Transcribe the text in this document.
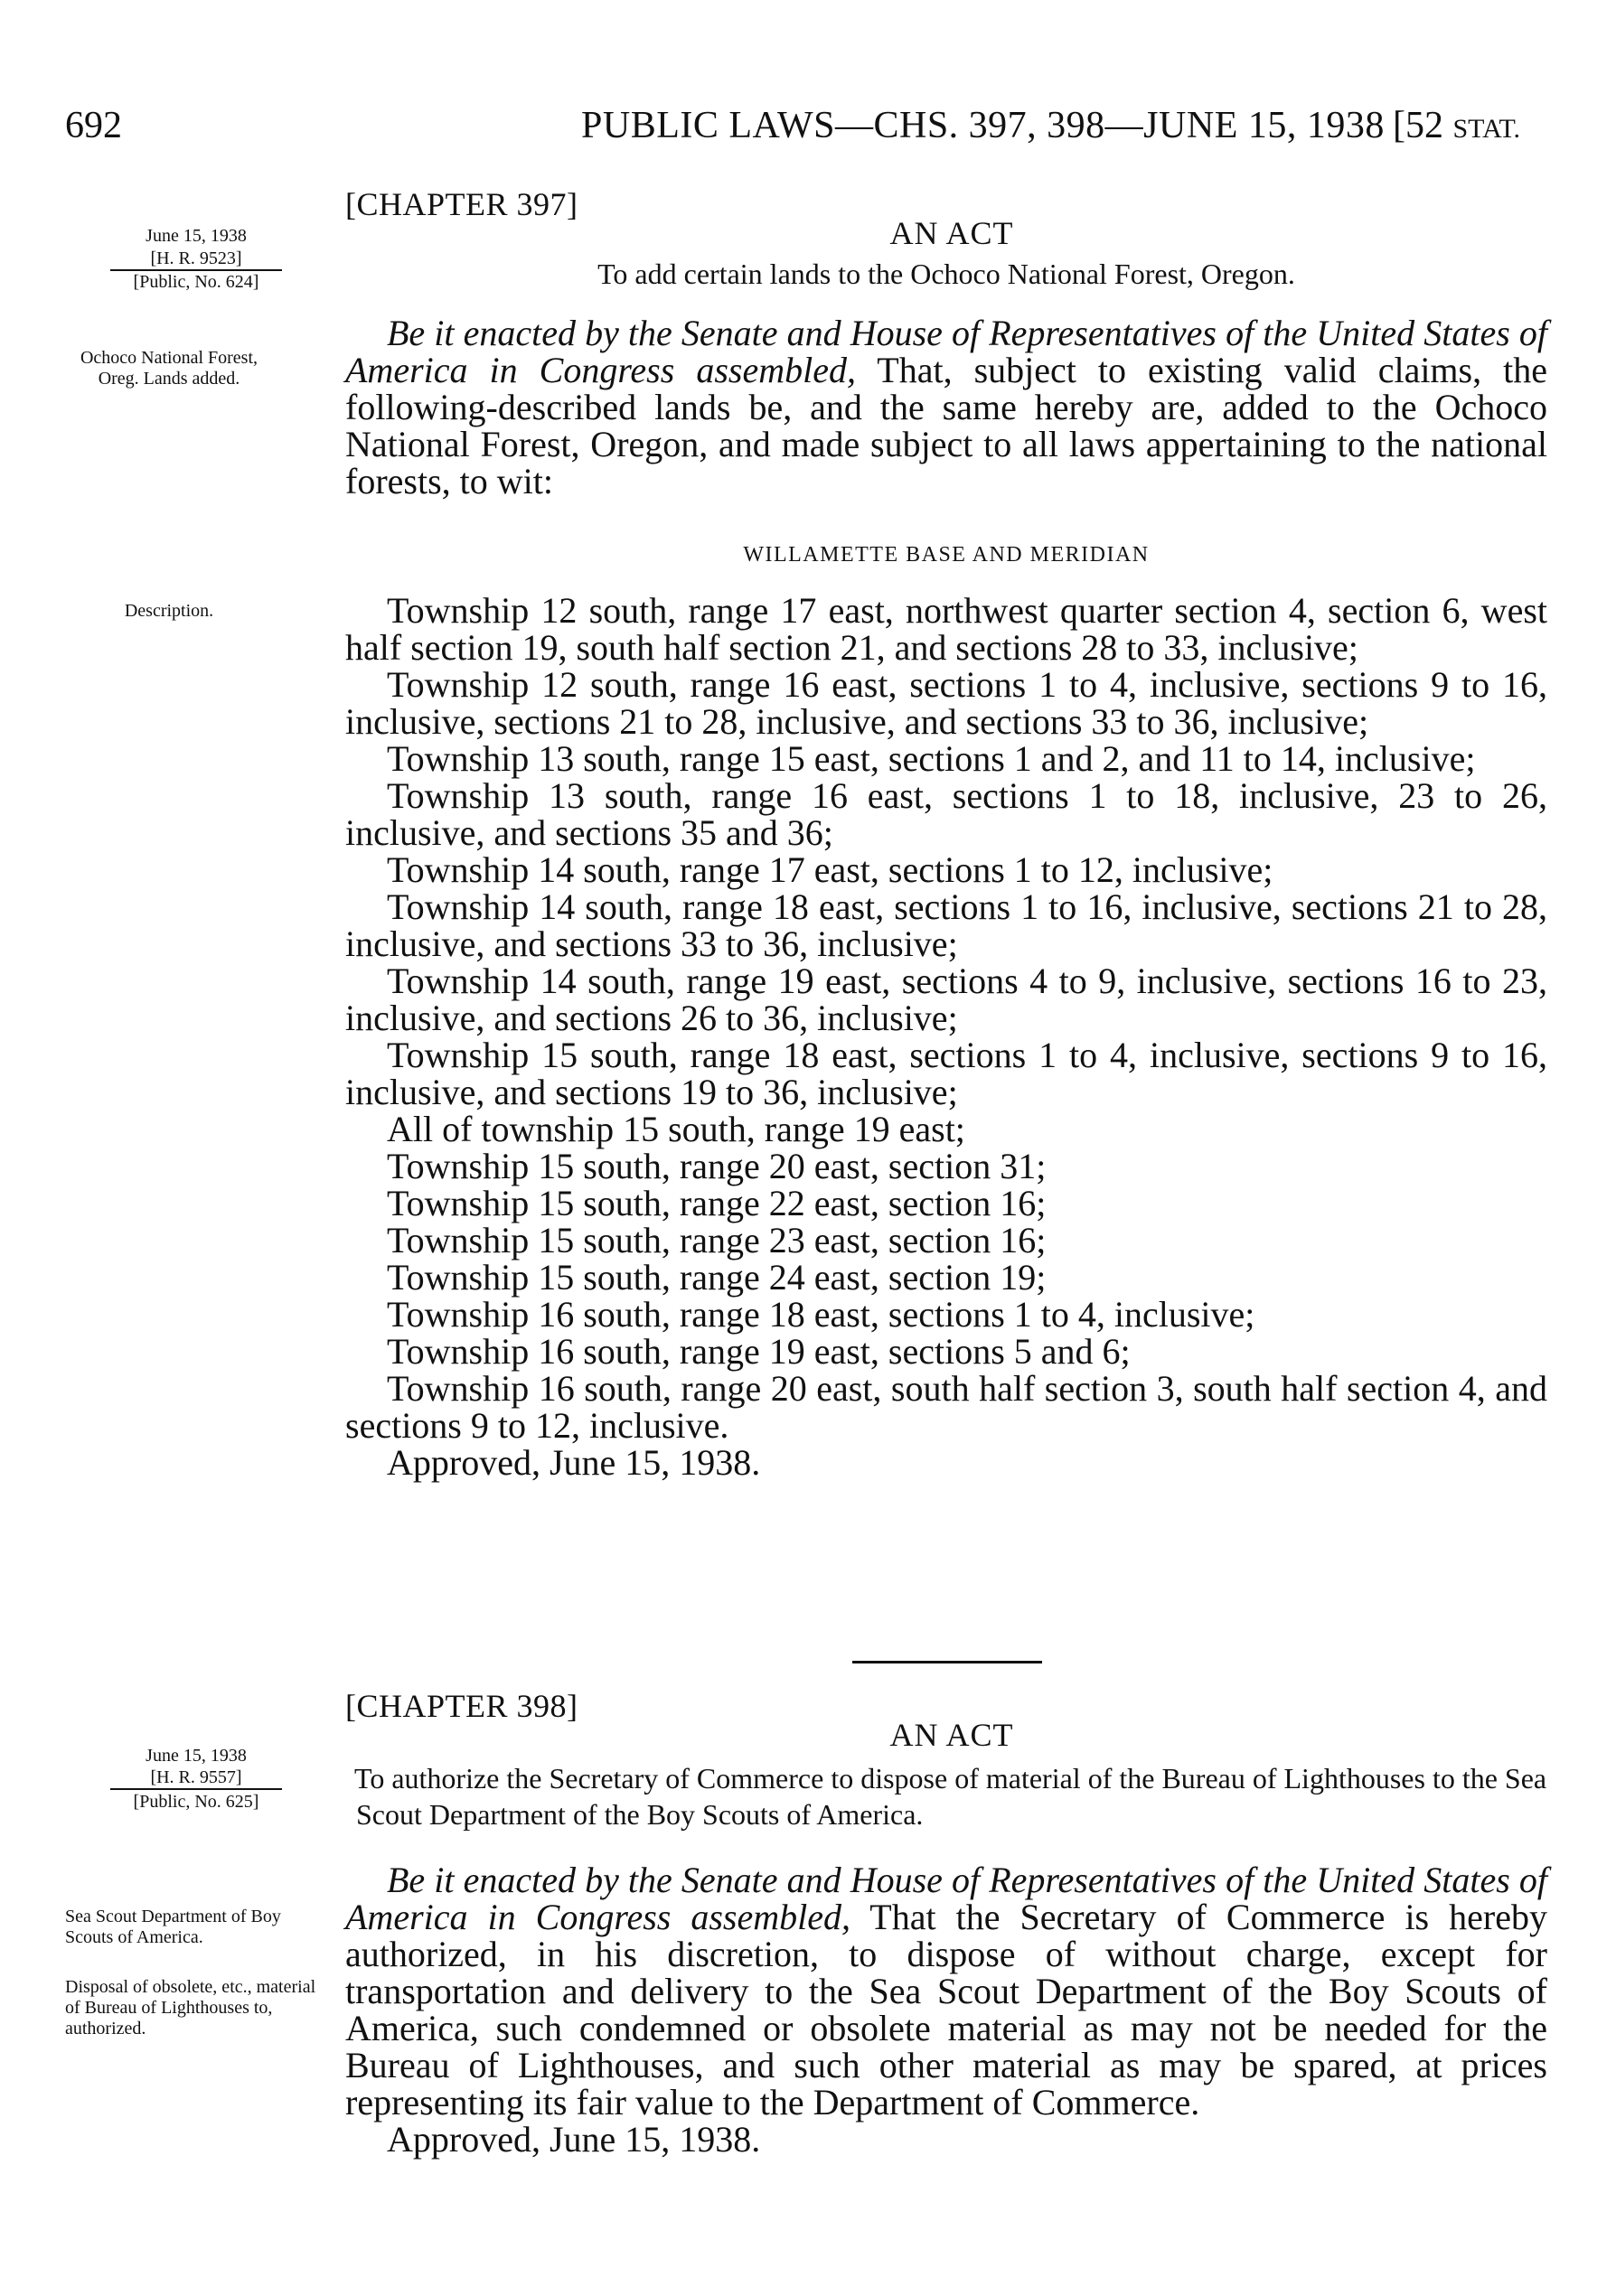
692	PUBLIC LAWS—CHS. 397, 398—JUNE 15, 1938 [52 STAT.
[CHAPTER 397]
AN ACT
To add certain lands to the Ochoco National Forest, Oregon.
June 15, 1938
[H. R. 9523]
[Public, No. 624]
Ochoco National Forest, Oreg. Lands added.

Be it enacted by the Senate and House of Representatives of the United States of America in Congress assembled, That, subject to existing valid claims, the following-described lands be, and the same hereby are, added to the Ochoco National Forest, Oregon, and made subject to all laws appertaining to the national forests, to wit:

WILLAMETTE BASE AND MERIDIAN
Description.	Township 12 south, range 17 east, northwest quarter section 4, section 6, west half section 19, south half section 21, and sections 28 to 33, inclusive;

Township 12 south, range 16 east, sections 1 to 4, inclusive, sections 9 to 16, inclusive, sections 21 to 28, inclusive, and sections 33 to 36, inclusive;

Township 13 south, range 15 east, sections 1 and 2, and 11 to 14, inclusive;

Township 13 south, range 16 east, sections 1 to 18, inclusive, 23 to 26, inclusive, and sections 35 and 36;

Township 14 south, range 17 east, sections 1 to 12, inclusive;

Township 14 south, range 18 east, sections 1 to 16, inclusive, sections 21 to 28, inclusive, and sections 33 to 36, inclusive;

Township 14 south, range 19 east, sections 4 to 9, inclusive, sections 16 to 23, inclusive, and sections 26 to 36, inclusive;

Township 15 south, range 18 east, sections 1 to 4, inclusive, sections 9 to 16, inclusive, and sections 19 to 36, inclusive;

All of township 15 south, range 19 east;

Township 15 south, range 20 east, section 31;

Township 15 south, range 22 east, section 16;

Township 15 south, range 23 east, section 16;

Township 15 south, range 24 east, section 19;

Township 16 south, range 18 east, sections 1 to 4, inclusive;

Township 16 south, range 19 east, sections 5 and 6;

Township 16 south, range 20 east, south half section 3, south half section 4, and sections 9 to 12, inclusive.

Approved, June 15, 1938.

[CHAPTER 398]
AN ACT
To authorize the Secretary of Commerce to dispose of material of the Bureau of Lighthouses to the Sea Scout Department of the Boy Scouts of America.
June 15, 1938
[H. R. 9557]
[Public, No. 625]
Sea Scout Department of Boy Scouts of America.
Disposal of obsolete, etc., material of Bureau of Lighthouses to, authorized.

Be it enacted by the Senate and House of Representatives of the United States of America in Congress assembled, That the Secretary of Commerce is hereby authorized, in his discretion, to dispose of without charge, except for transportation and delivery to the Sea Scout Department of the Boy Scouts of America, such condemned or obsolete material as may not be needed for the Bureau of Lighthouses, and such other material as may be spared, at prices representing its fair value to the Department of Commerce.

Approved, June 15, 1938.
